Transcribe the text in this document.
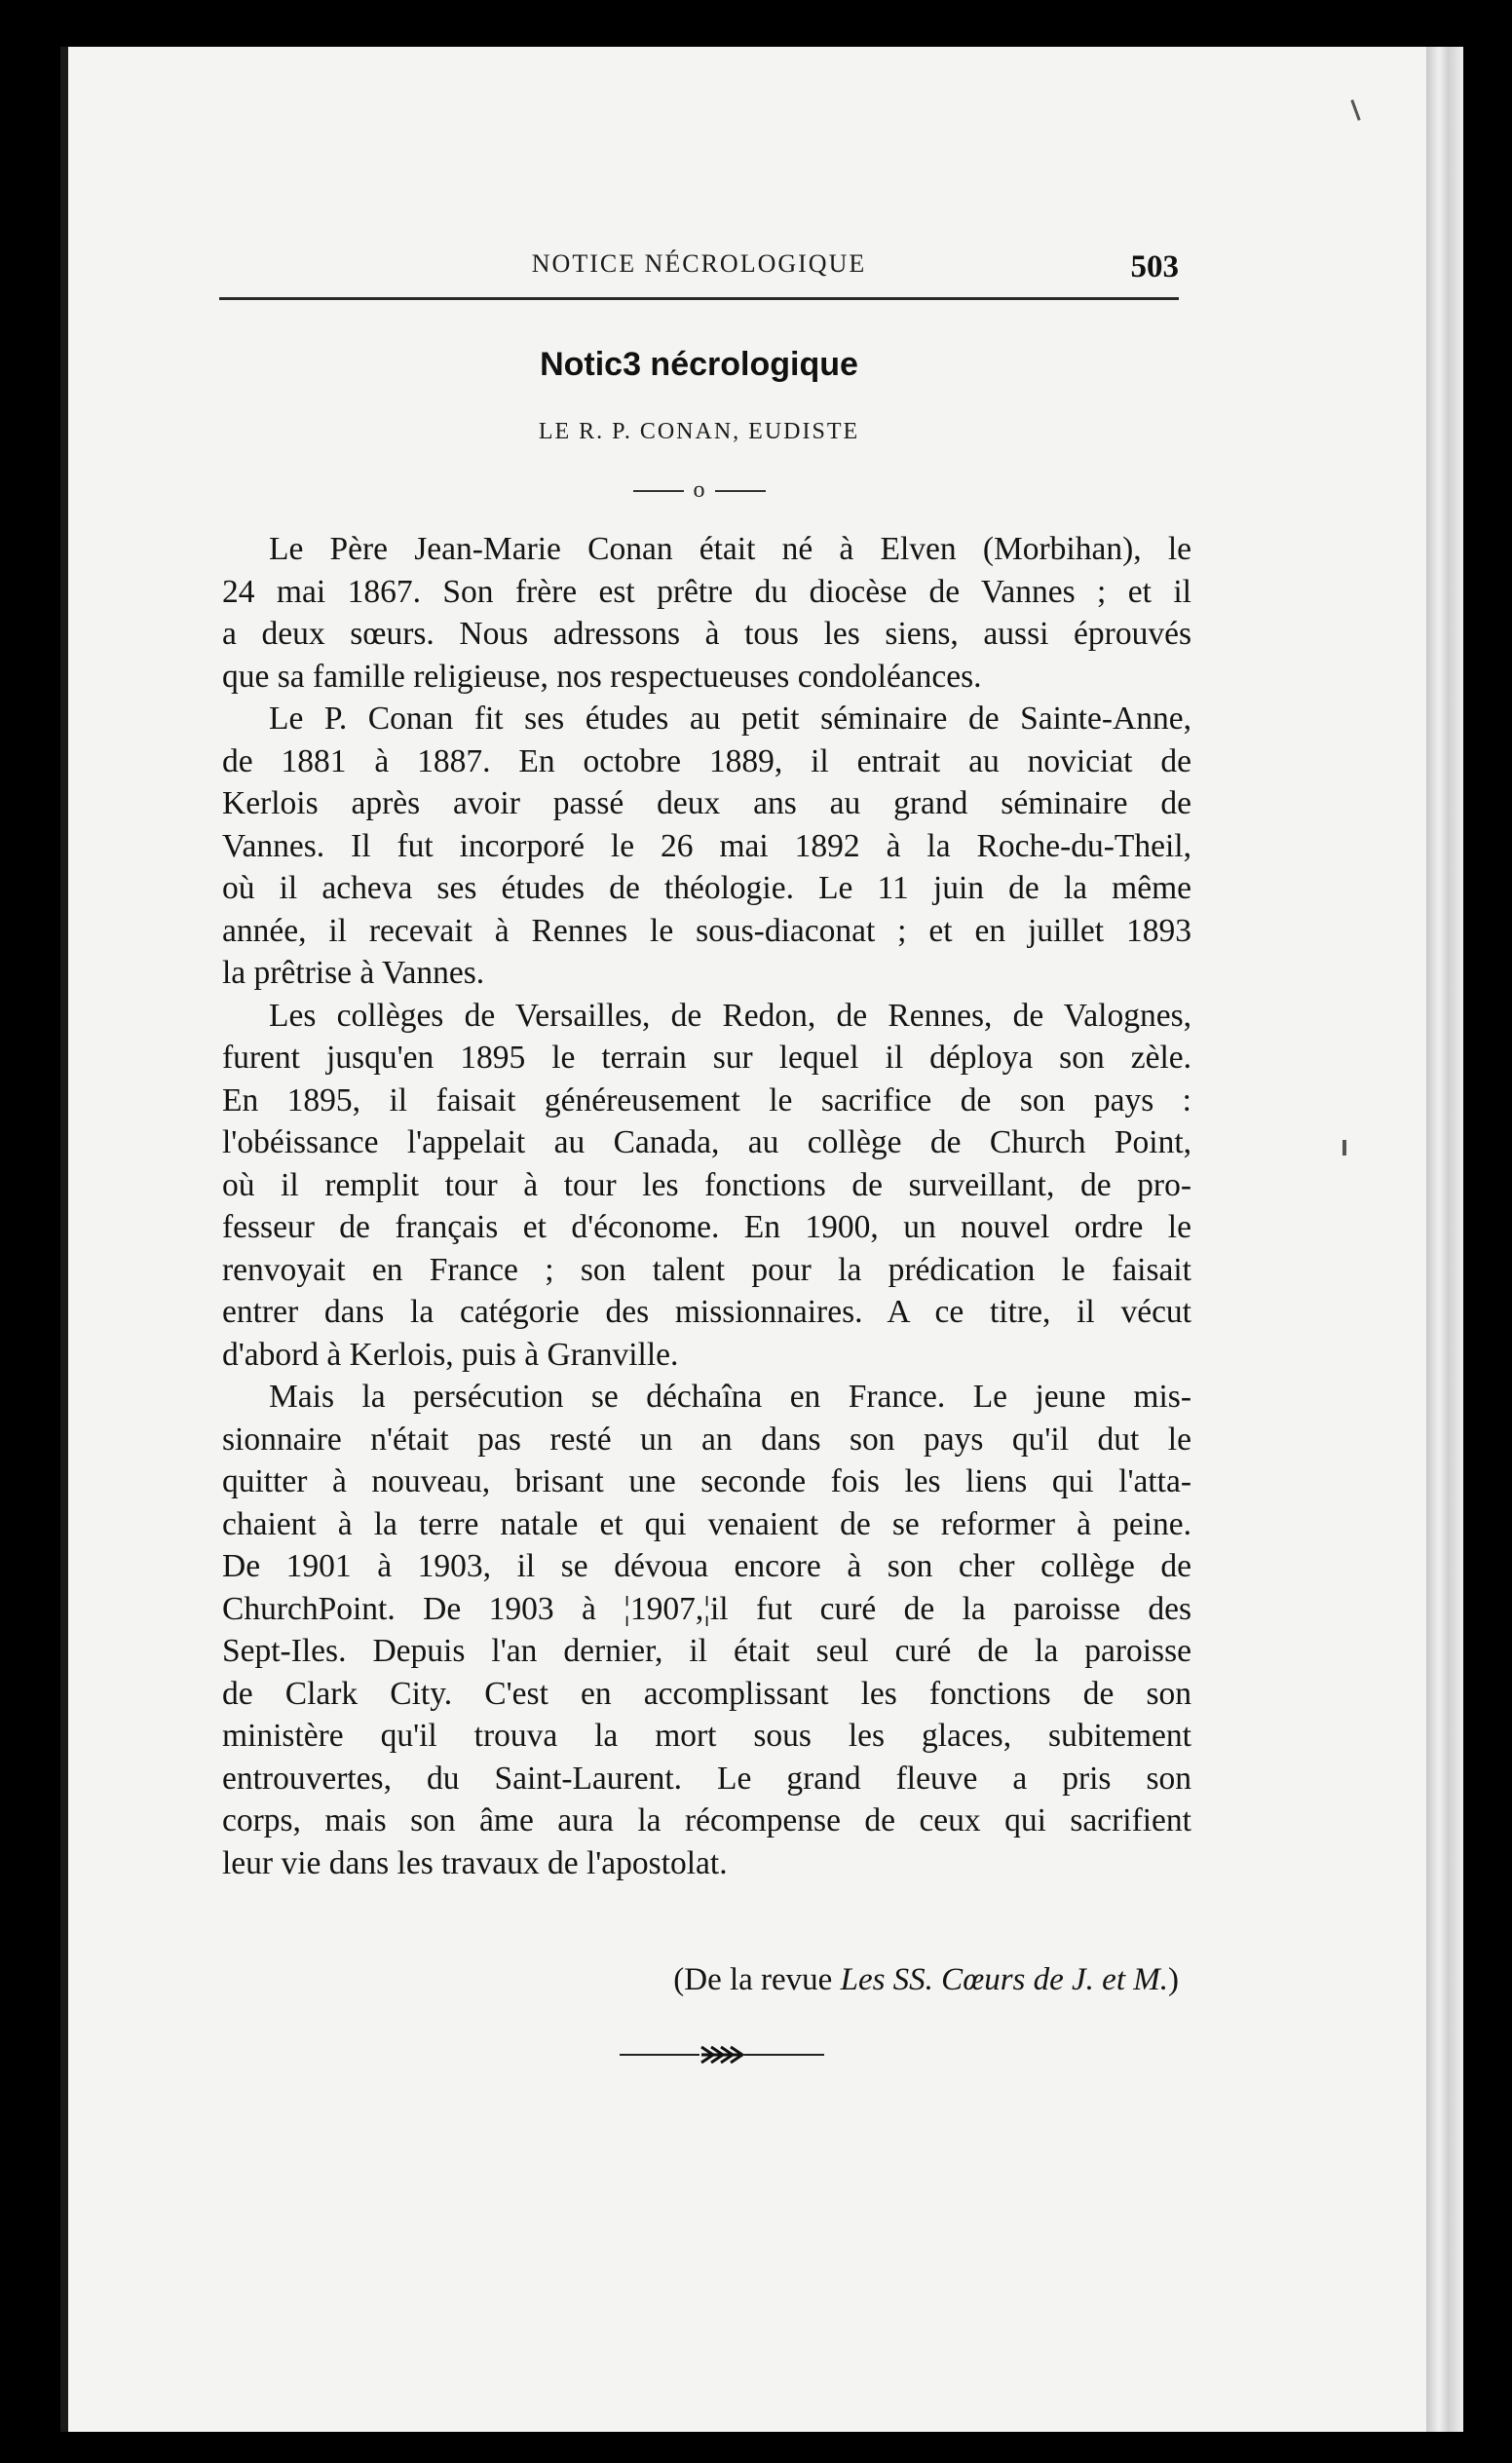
NOTICE NÉCROLOGIQUE	503
Notic3 nécrologique
LE R. P. CONAN, EUDISTE
o
Le Père Jean-Marie Conan était né à Elven (Morbihan), le
24 mai 1867. Son frère est prêtre du diocèse de Vannes ; et il
a deux sœurs. Nous adressons à tous les siens, aussi éprouvés
que sa famille religieuse, nos respectueuses condoléances.
Le P. Conan fit ses études au petit séminaire de Sainte-Anne,
de 1881 à 1887. En octobre 1889, il entrait au noviciat de
Kerlois après avoir passé deux ans au grand séminaire de
Vannes. Il fut incorporé le 26 mai 1892 à la Roche-du-Theil,
où il acheva ses études de théologie. Le 11 juin de la même
année, il recevait à Rennes le sous-diaconat ; et en juillet 1893
la prêtrise à Vannes.
Les collèges de Versailles, de Redon, de Rennes, de Valognes,
furent jusqu'en 1895 le terrain sur lequel il déploya son zèle.
En 1895, il faisait généreusement le sacrifice de son pays :
l'obéissance l'appelait au Canada, au collège de Church Point,
où il remplit tour à tour les fonctions de surveillant, de pro-
fesseur de français et d'économe. En 1900, un nouvel ordre le
renvoyait en France ; son talent pour la prédication le faisait
entrer dans la catégorie des missionnaires. A ce titre, il vécut
d'abord à Kerlois, puis à Granville.
Mais la persécution se déchaîna en France. Le jeune mis-
sionnaire n'était pas resté un an dans son pays qu'il dut le
quitter à nouveau, brisant une seconde fois les liens qui l'atta-
chaient à la terre natale et qui venaient de se reformer à peine.
De 1901 à 1903, il se dévoua encore à son cher collège de
ChurchPoint. De 1903 à ¦1907,¦il fut curé de la paroisse des
Sept-Iles. Depuis l'an dernier, il était seul curé de la paroisse
de Clark City. C'est en accomplissant les fonctions de son
ministère qu'il trouva la mort sous les glaces, subitement
entrouvertes, du Saint-Laurent. Le grand fleuve a pris son
corps, mais son âme aura la récompense de ceux qui sacrifient
leur vie dans les travaux de l'apostolat.
(De la revue Les SS. Cœurs de J. et M.)
